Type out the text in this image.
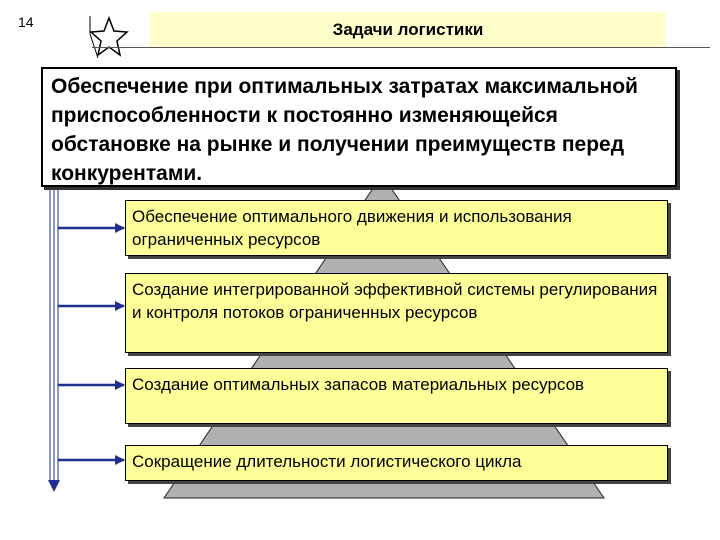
14	Задачи логистики
Обеспечение при оптимальных затратах максимальной приспособленности к постоянно изменяющейся обстановке на рынке и получении преимуществ перед конкурентами.
Обеспечение оптимального движения и использования ограниченных ресурсов
Создание интегрированной эффективной системы регулирования и контроля потоков ограниченных ресурсов
Создание оптимальных запасов материальных ресурсов
Сокращение длительности логистического цикла
